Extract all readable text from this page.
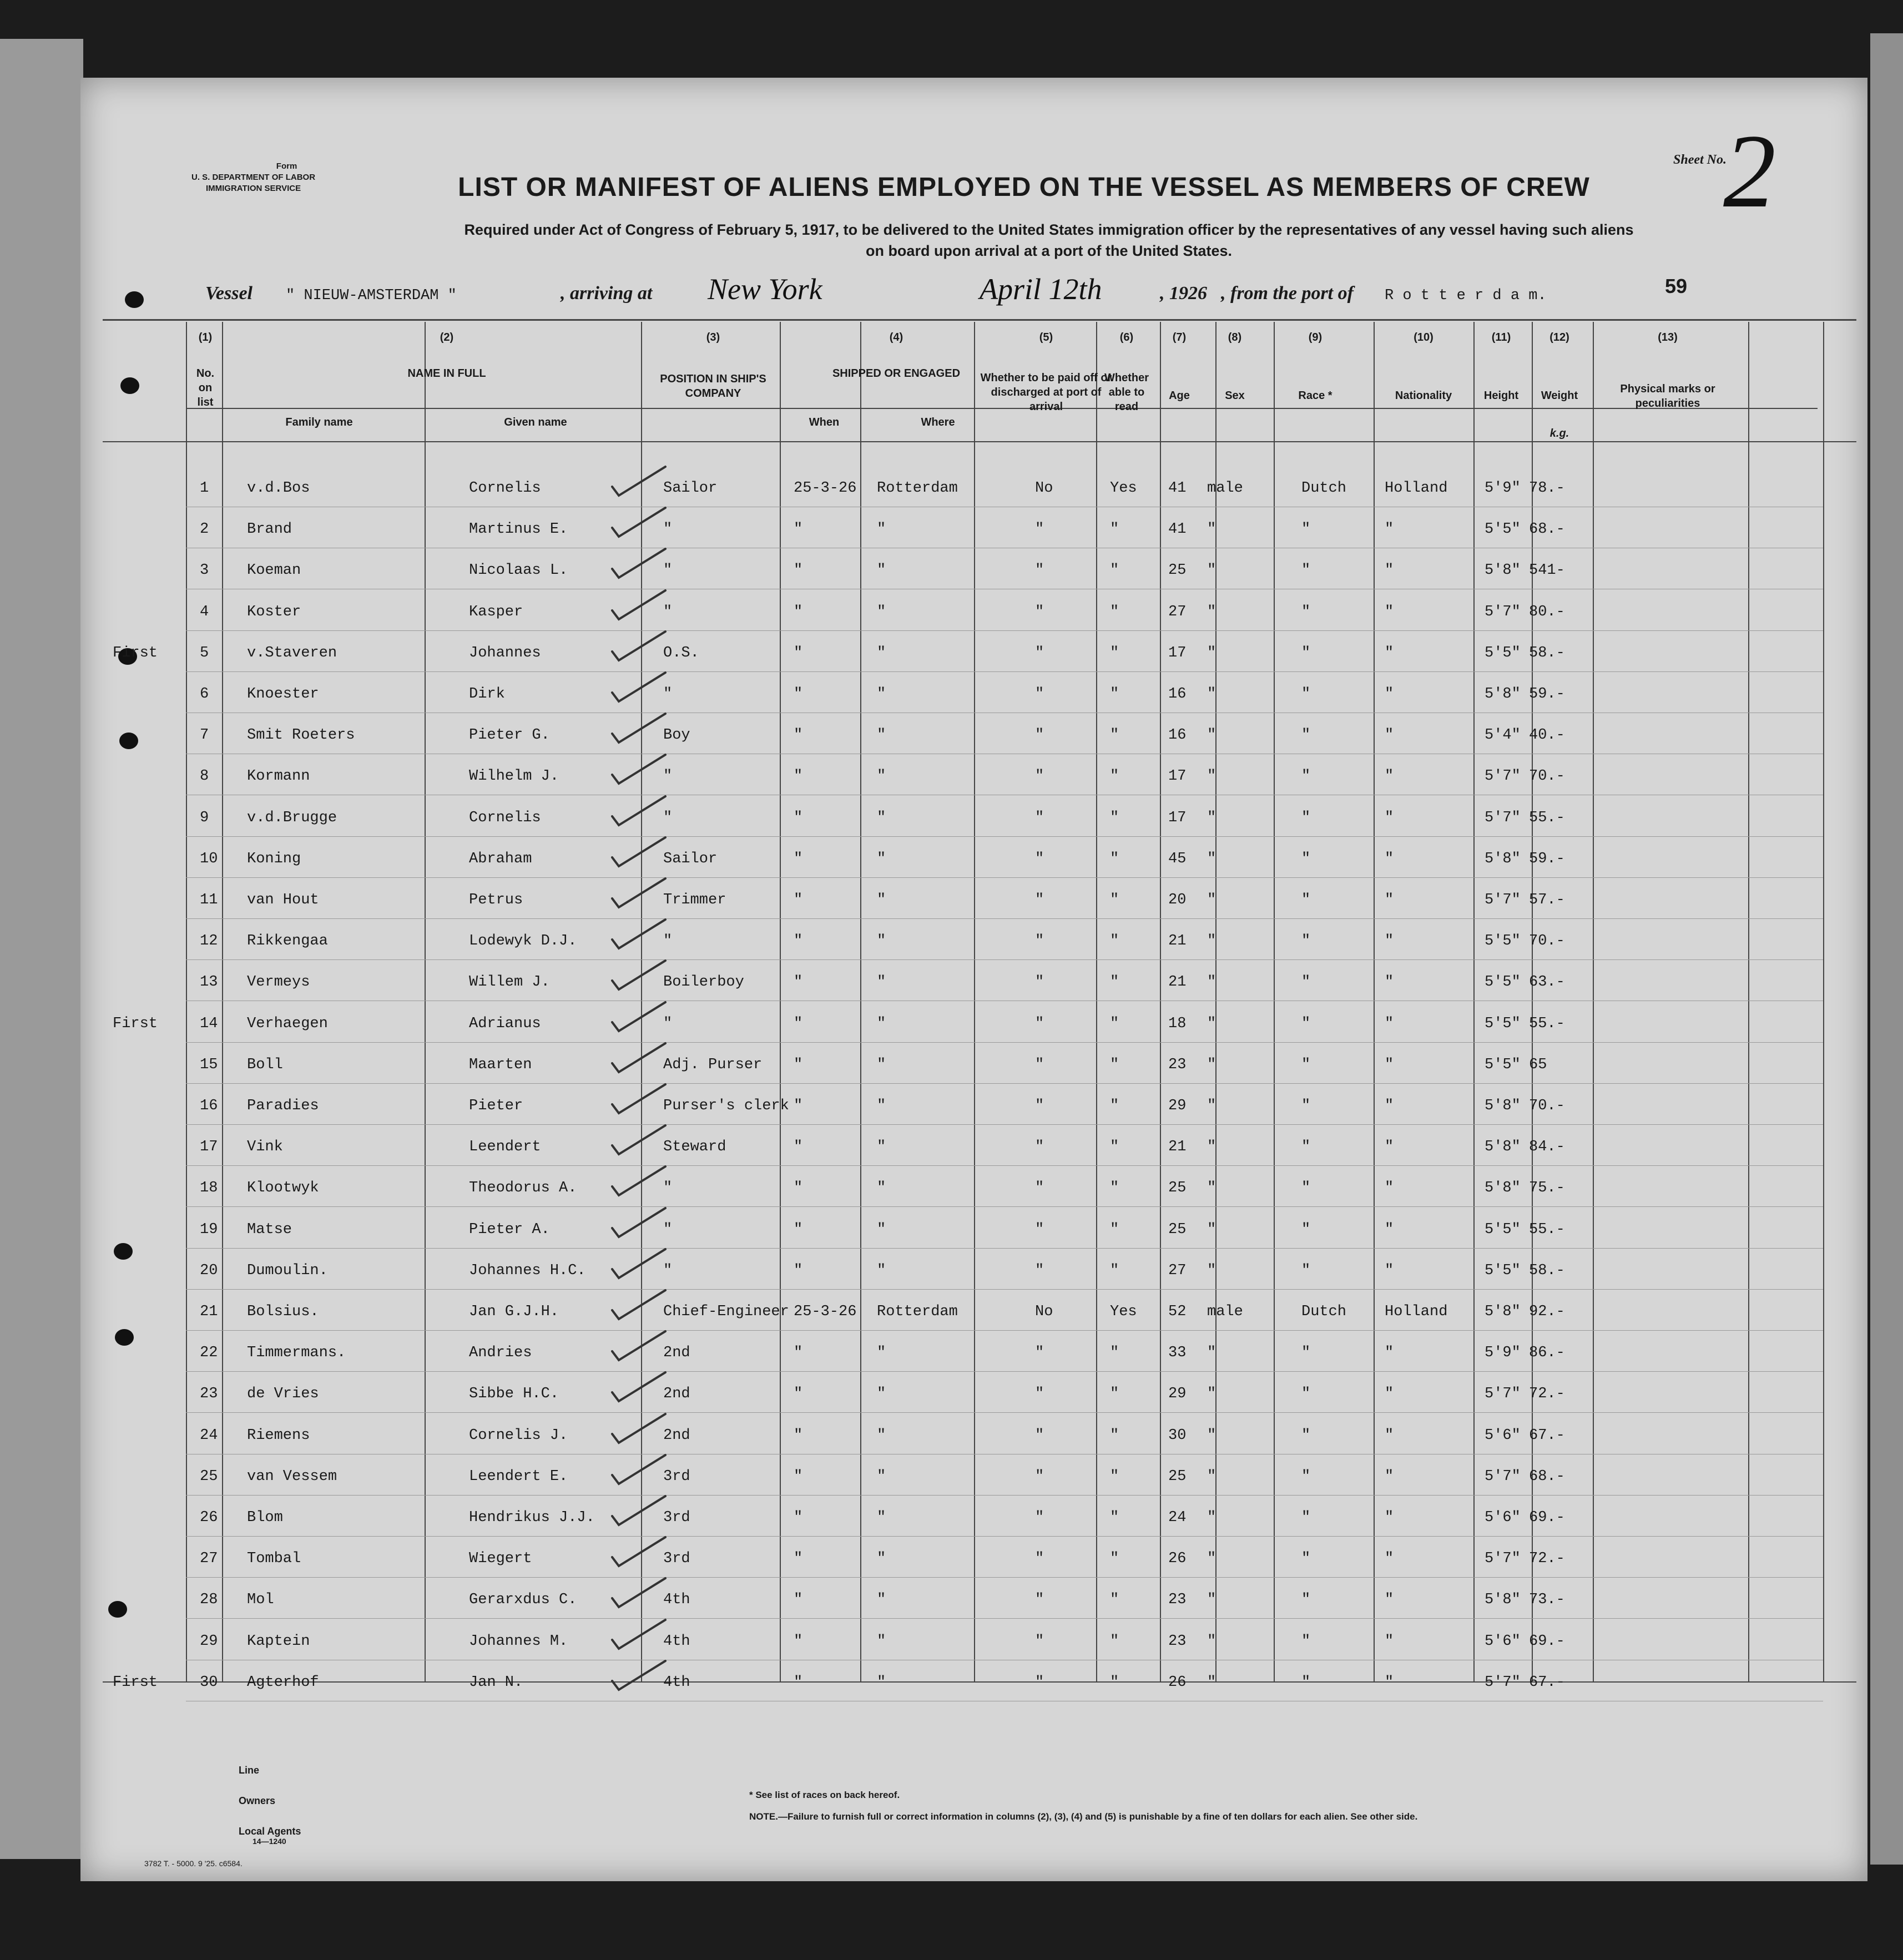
Form
U. S. DEPARTMENT OF LABOR
IMMIGRATION SERVICE
Sheet No.
2
LIST OR MANIFEST OF ALIENS EMPLOYED ON THE VESSEL AS MEMBERS OF CREW
Required under Act of Congress of February 5, 1917, to be delivered to the United States immigration officer by the representatives of any vessel having such aliens
on board upon arrival at a port of the United States.
Vessel " NIEUW-AMSTERDAM "	, arriving at New York	April 12th	, 1926 , from the port of R o t t e r d a m.	59
(1)
No. on list
(2)
NAME IN FULL
Family name	Given name
(3)
POSITION IN SHIP'S COMPANY
(4)
SHIPPED OR ENGAGED
When	Where
(5)
Whether to be paid off or discharged at port of arrival
(6)
Whether able to read
(7)
Age
(8)
Sex
(9)
Race *
(10)
Nationality
(11)
Height
(12)
Weight
k.g.
(13)
Physical marks or peculiarities
1	v.d.Bos	Cornelis	Sailor	25-3-26 Rotterdam	No	Yes 41 male	Dutch	Holland 5'9" 78.-
2	Brand	Martinus E.	"	"	"	"	"	41 "	"	"	5'5" 68.-
3	Koeman	Nicolaas L.	"	"	"	"	"	25 "	"	"	5'8" 541-
4	Koster	Kasper	"	"	"	"	"	27 "	"	"	5'7" 80.-
5	v.Staveren	Johannes	O.S.	"	"	"	"	17 "	"	"	5'5" 58.-
6	Knoester	Dirk	"	"	"	"	"	16 "	"	"	5'8" 59.-
7	Smit Roeters	Pieter G.	Boy	"	"	"	"	16 "	"	"	5'4" 40.-
8	Kormann	Wilhelm J.	"	"	"	"	"	17 "	"	"	5'7" 70.-
9	v.d.Brugge	Cornelis	"	"	"	"	"	17 "	"	"	5'7" 55.-
10 Koning	Abraham	Sailor	"	"	"	"	45 "	"	"	5'8" 59.-
11 van Hout	Petrus	Trimmer	"	"	"	"	20 "	"	"	5'7" 57.-
12 Rikkengaa	Lodewyk D.J.	"	"	"	"	"	21 "	"	"	5'5" 70.-
13 Vermeys	Willem J.	Boilerboy	"	"	"	"	21 "	"	"	5'5" 63.-
14 Verhaegen	Adrianus	"	"	"	"	"	18 "	"	"	5'5" 55.-
15 Boll	Maarten	Adj. Purser "	"	"	"	23 "	"	"	5'5" 65
16 Paradies	Pieter	Purser's clerk "	"	"	"	29 "	"	"	5'8" 70.-
17 Vink	Leendert	Steward	"	"	"	"	21 "	"	"	5'8" 84.-
18 Klootwyk	Theodorus A.	"	"	"	"	"	25 "	"	"	5'8" 75.-
19 Matse	Pieter A.	"	"	"	"	"	25 "	"	"	5'5" 55.-
20 Dumoulin.	Johannes H.C.	"	"	"	"	"	27 "	"	"	5'5" 58.-
21 Bolsius.	Jan G.J.H.	Chief-Engineer 25-3-26 Rotterdam	No	Yes 52 male	Dutch	Holland 5'8" 92.-
22 Timmermans.	Andries	2nd	"	"	"	"	33 "	"	"	5'9" 86.-
23 de Vries	Sibbe H.C.	2nd	"	"	"	"	29 "	"	"	5'7" 72.-
24 Riemens	Cornelis J.	2nd	"	"	"	"	30 "	"	"	5'6" 67.-
25 van Vessem	Leendert E.	3rd	"	"	"	"	25 "	"	"	5'7" 68.-
26 Blom	Hendrikus J.J.	3rd	"	"	"	"	24 "	"	"	5'6" 69.-
27 Tombal	Wiegert	3rd	"	"	"	"	26 "	"	"	5'7" 72.-
28 Mol	Gerarxdus C.	4th	"	"	"	"	23 "	"	"	5'8" 73.-
29 Kaptein	Johannes M.	4th	"	"	"	"	23 "	"	"	5'6" 69.-
30 Agterhof	Jan N.	4th	"	"	"	"	26 "	"	"	5'7" 67.-
First
First
First
Line
Owners
Local Agents
14—1240
3782 T. - 5000. 9 '25. c6584.
* See list of races on back hereof.
NOTE.—Failure to furnish full or correct information in columns (2), (3), (4) and (5) is punishable by a fine of ten dollars for each alien. See other side.
